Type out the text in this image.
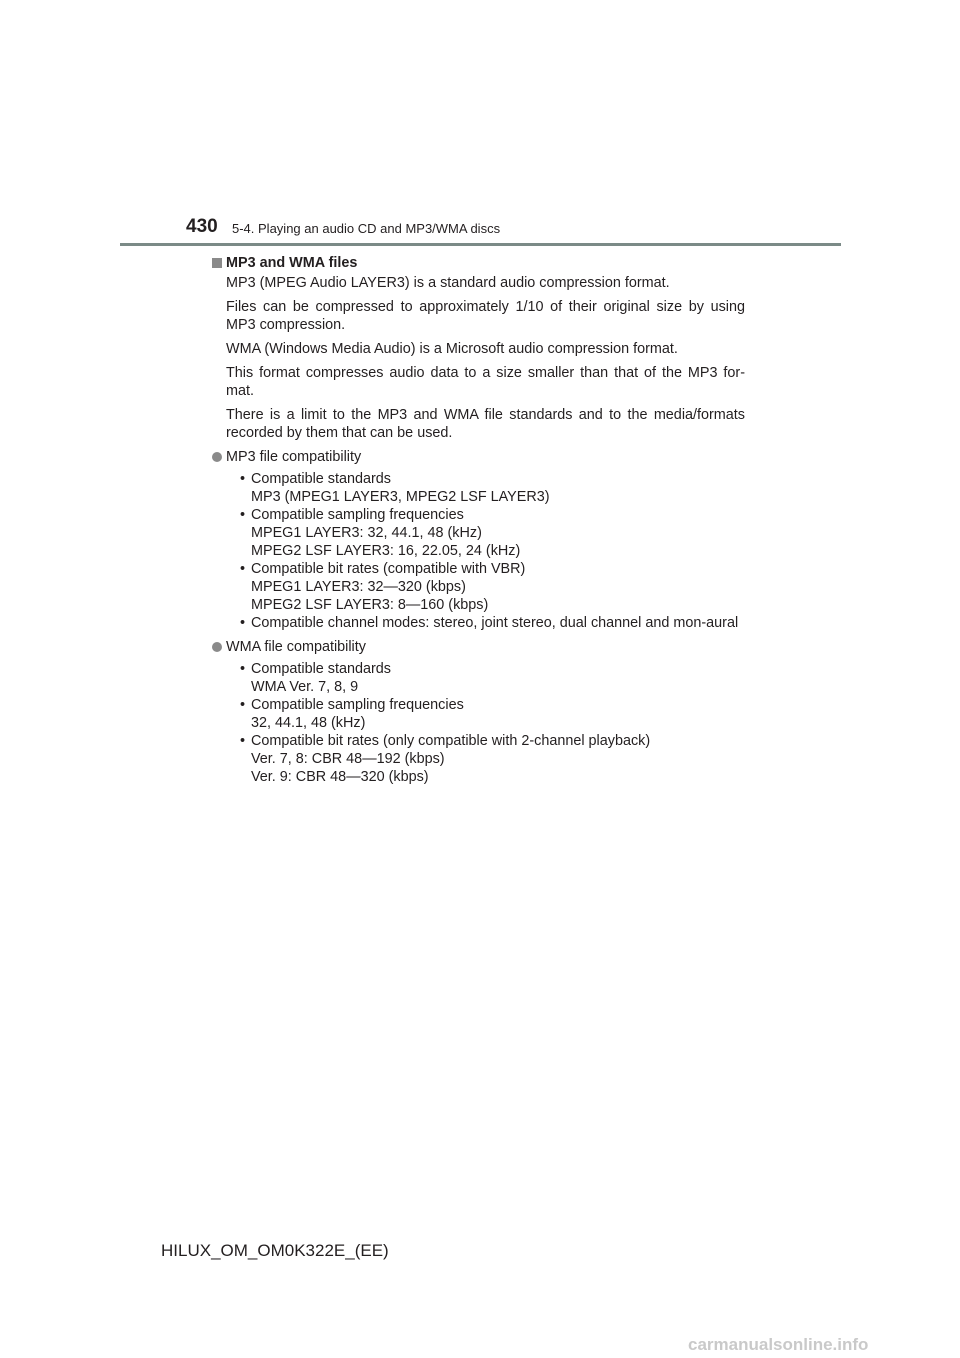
430 5-4. Playing an audio CD and MP3/WMA discs
MP3 and WMA files

MP3 (MPEG Audio LAYER3) is a standard audio compression format.

Files can be compressed to approximately 1/10 of their original size by using MP3 compression.

WMA (Windows Media Audio) is a Microsoft audio compression format.

This format compresses audio data to a size smaller than that of the MP3 for-mat.

There is a limit to the MP3 and WMA file standards and to the media/formats recorded by them that can be used.

MP3 file compatibility
• Compatible standards
MP3 (MPEG1 LAYER3, MPEG2 LSF LAYER3)
• Compatible sampling frequencies
MPEG1 LAYER3: 32, 44.1, 48 (kHz)
MPEG2 LSF LAYER3: 16, 22.05, 24 (kHz)
• Compatible bit rates (compatible with VBR)
MPEG1 LAYER3: 32—320 (kbps)
MPEG2 LSF LAYER3: 8—160 (kbps)
• Compatible channel modes: stereo, joint stereo, dual channel and mon-aural
WMA file compatibility
• Compatible standards
WMA Ver. 7, 8, 9
• Compatible sampling frequencies
32, 44.1, 48 (kHz)
• Compatible bit rates (only compatible with 2-channel playback)
Ver. 7, 8: CBR 48—192 (kbps)
Ver. 9: CBR 48—320 (kbps)
HILUX_OM_OM0K322E_(EE)
carmanualsonline.info
